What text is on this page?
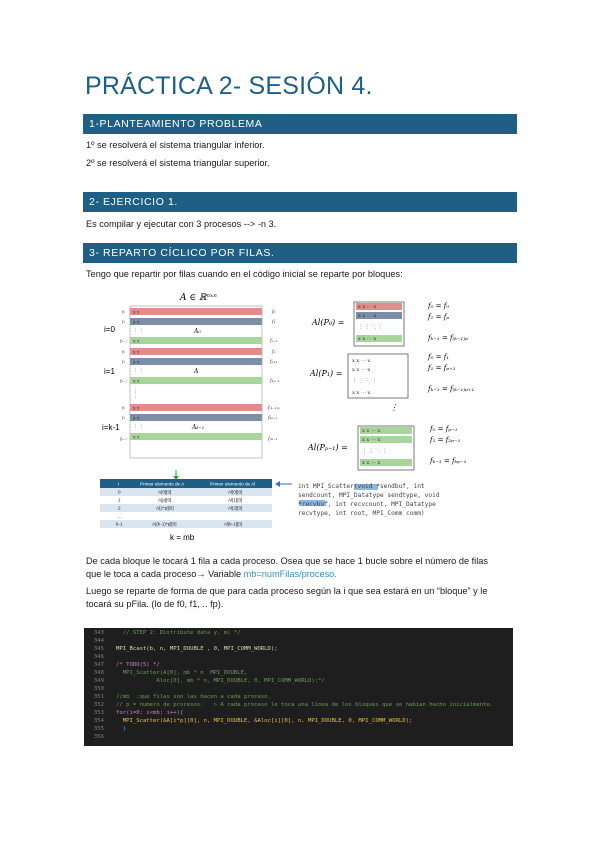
PRÁCTICA 2- SESIÓN 4.
1-PLANTEAMIENTO PROBLEMA
1º se resolverá el sistema triangular inferior.
2º se resolverá el sistema triangular superior.
2- EJERCICIO 1.
Es compilar y ejecutar con 3 procesos --> -n 3.
3- REPARTO CÍCLICO POR FILAS.
Tengo que repartir por filas cuando en el código inicial se reparte por bloques:
A ∈ ℝⁿˣⁿ
x x
x x
x x
x x
x x
x x
x x
x x
x x
⋮ ⋮
⋮ ⋮
⋮ ⋮
⋮
⋮
A₀
A
Aₖ₋₁
f₀
f₁
fₚ₋₁
fₚ
fₚ₊₁
f₂ₚ₋₁
f₍ₖ₋₁₎ₚ
fₖₚ₋₁
fₚₖ₋₁
f₀
f₁
fₚ₋₁
f₀
f₁
fₚ₋₁
f₀
f₁
fₚ₋₁
i=0
i=1
i=k-1
Al(P₀) =
f₀ = f₀
f₁ = fₚ
fₖ₋₁ = f₍ₖ₋₁₎ₚ
Al(P₁) =
f₀ = f₁
f₁ = fₚ₊₁
fₖ₋₁ = f₍ₖ₋₁₎ₚ₊₁
⋮
Al(Pₚ₋₁) =
f₀ = fₚ₋₁
f₁ = f₂ₚ₋₁
fₖ₋₁ = fₖₚ₋₁
x x ⋯ x
x x ⋯ x
⋮ ⋮ ⋱ ⋮
x x ⋯ x
x x ⋯ x
x x ⋯ x
⋮ ⋮ ⋱ ⋮
x x ⋯ x
x x ⋯ x
x x ⋯ x
⋮ ⋮ ⋱ ⋮
x x ⋯ x
i	Primer elemento de A	Primer elemento de Al
0	A[0][0]	Al[0][0]
1	A[p][0]	Al[1][0]
2	A[2*p][0]	Al[2][0]
...
k-1	A[(k-1)*p][0]	Al[k-1][0]
k = mb
int MPI_Scatter(void *sendbuf, int
sendcount, MPI_Datatype sendtype, void
*recvbuf, int recvcount, MPI_Datatype
recvtype, int root, MPI_Comm comm)
De cada bloque le tocará 1 fila a cada proceso. Osea que se hace 1 bucle sobre el número de filas
que le toca a cada proceso→ Variable mb=numFilas/proceso.
Luego se reparte de forma de que para cada proceso según la i que sea estará en un “bloque” y le
tocará su pFila. (lo de f0, f1, .. fp).
343 // STEP 2: Distribute data y, m) */
344
345 MPI_Bcast(b, n, MPI_DOUBLE , 0, MPI_COMM_WORLD);
346
347 /* TODO(5) */
348 MPI_Scatter(A[0], mb * n  MPI_DOUBLE,
349 Aloc[0], mb * n, MPI_DOUBLE, 0, MPI_COMM_WORLD);*/
350
351 //mb  :que filas son las hacen a cada proceso.
352 // p = numero de procesos.   > A cada proceso le toca una linea de los bloques que se habian hecho inicialmente.
353 for(i=0; i<mb; i++){
354 MPI_Scatter(&A[i*p][0], n, MPI_DOUBLE, &Aloc[i][0], n, MPI_DOUBLE, 0, MPI_COMM_WORLD);
355 }
356
